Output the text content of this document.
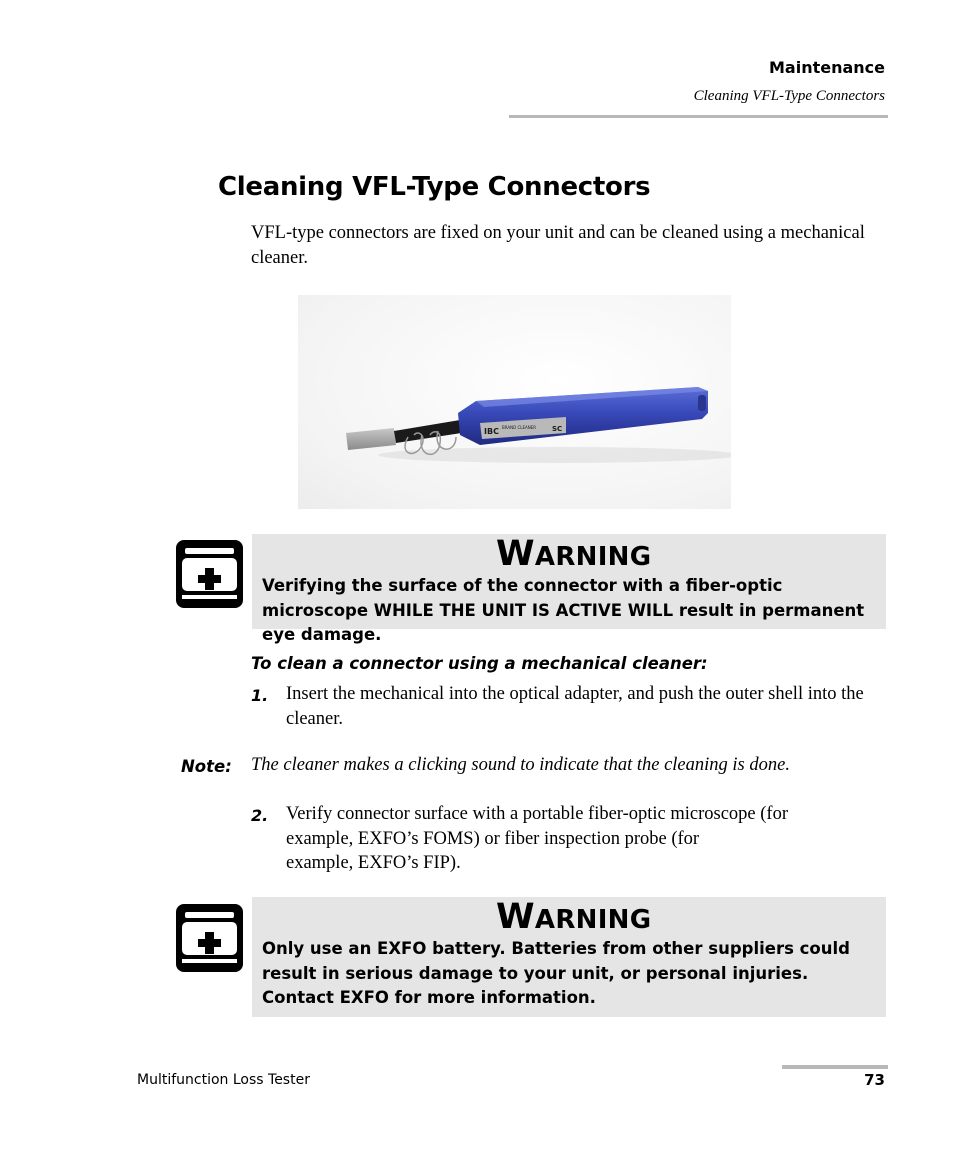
Maintenance
Cleaning VFL-Type Connectors
Cleaning VFL-Type Connectors
VFL-type connectors are fixed on your unit and can be cleaned using a mechanical cleaner.
IBC BRAND CLEANER SC
WARNING
Verifying the surface of the connector with a fiber-optic microscope WHILE THE UNIT IS ACTIVE WILL result in permanent eye damage.
To clean a connector using a mechanical cleaner:
1. Insert the mechanical into the optical adapter, and push the outer shell into the cleaner.
Note: The cleaner makes a clicking sound to indicate that the cleaning is done.
2. Verify connector surface with a portable fiber-optic microscope (for
example, EXFO’s FOMS) or fiber inspection probe (for
example, EXFO’s FIP).
WARNING
Only use an EXFO battery. Batteries from other suppliers could result in serious damage to your unit, or personal injuries. Contact EXFO for more information.
Multifunction Loss Tester	73
